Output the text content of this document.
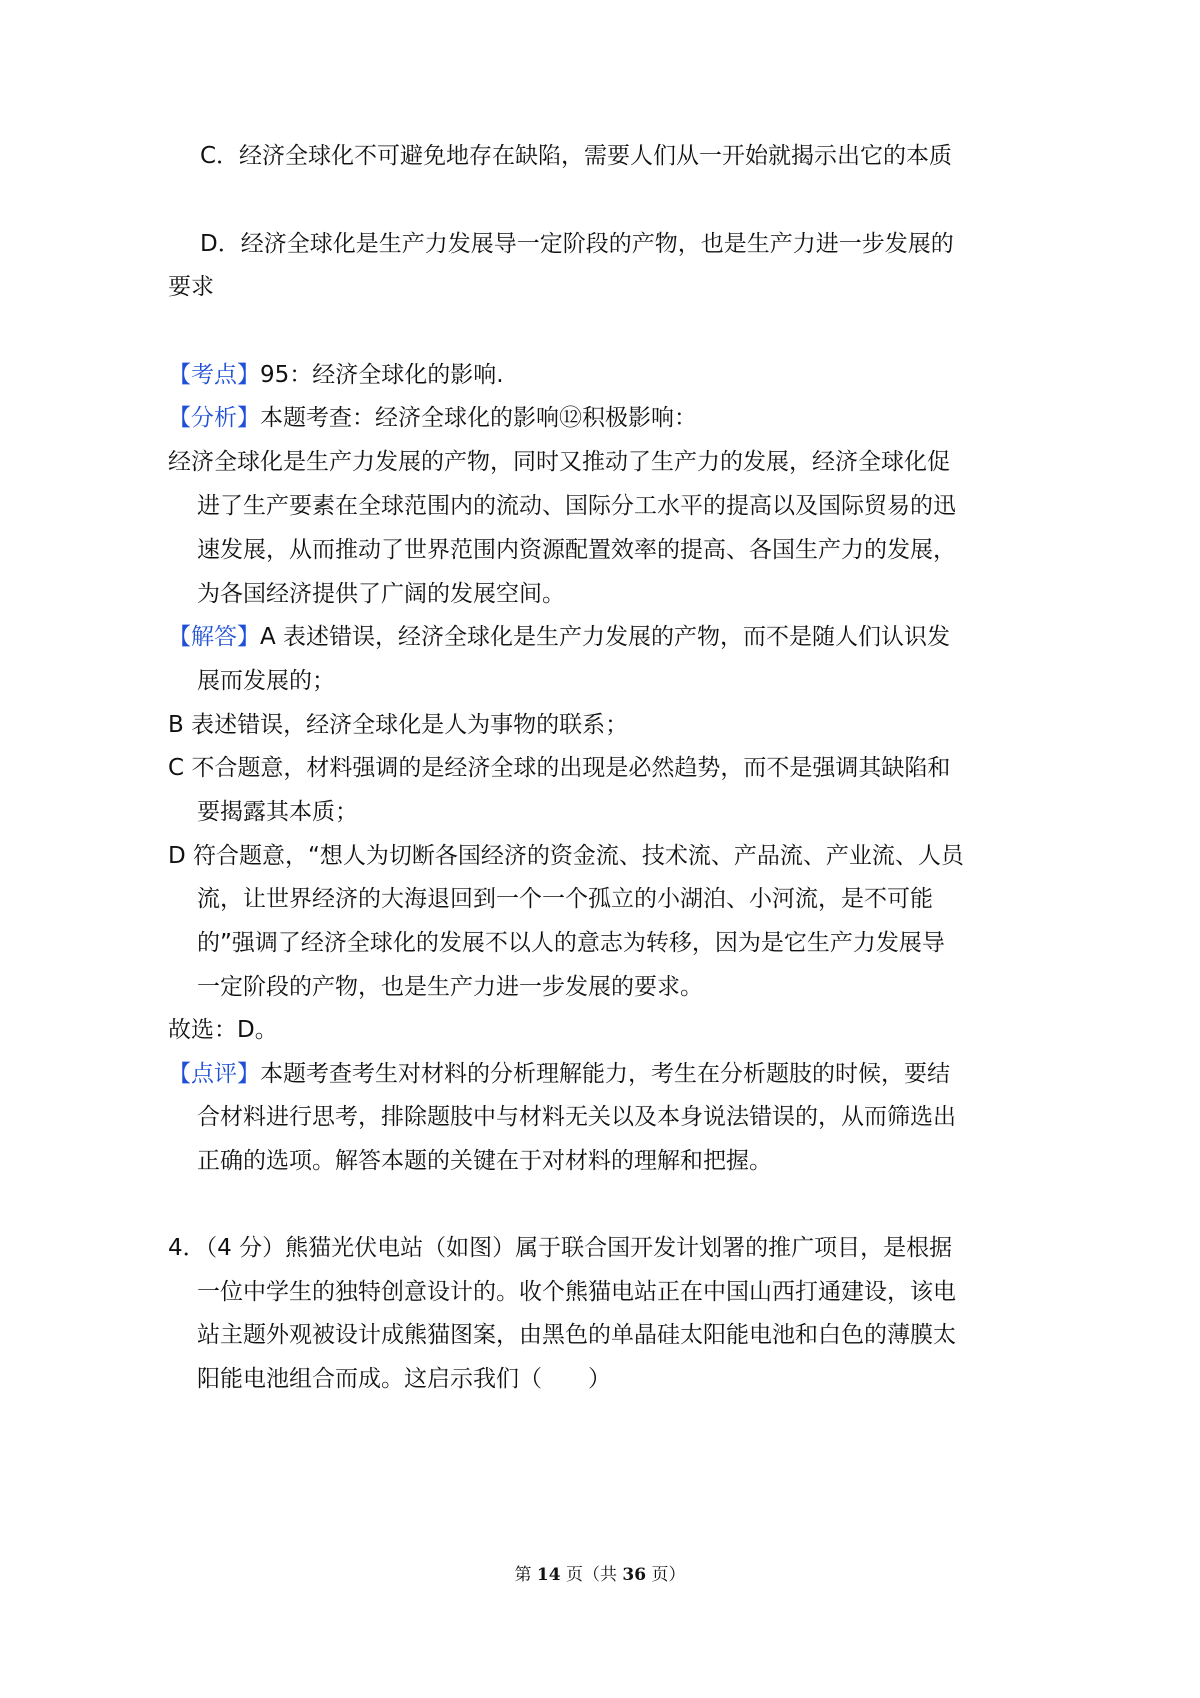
C．经济全球化不可避免地存在缺陷，需要人们从一开始就揭示出它的本质
D．经济全球化是生产力发展导一定阶段的产物，也是生产力进一步发展的
要求
【考点】95：经济全球化的影响.
【分析】本题考查：经济全球化的影响⑫积极影响：
经济全球化是生产力发展的产物，同时又推动了生产力的发展，经济全球化促
进了生产要素在全球范围内的流动、国际分工水平的提高以及国际贸易的迅
速发展，从而推动了世界范围内资源配置效率的提高、各国生产力的发展，
为各国经济提供了广阔的发展空间。
【解答】A 表述错误，经济全球化是生产力发展的产物，而不是随人们认识发
展而发展的；
B 表述错误，经济全球化是人为事物的联系；
C 不合题意，材料强调的是经济全球的出现是必然趋势，而不是强调其缺陷和
要揭露其本质；
D 符合题意，“想人为切断各国经济的资金流、技术流、产品流、产业流、人员
流，让世界经济的大海退回到一个一个孤立的小湖泊、小河流，是不可能
的”强调了经济全球化的发展不以人的意志为转移，因为是它生产力发展导
一定阶段的产物，也是生产力进一步发展的要求。
故选：D。
【点评】本题考查考生对材料的分析理解能力，考生在分析题肢的时候，要结
合材料进行思考，排除题肢中与材料无关以及本身说法错误的，从而筛选出
正确的选项。解答本题的关键在于对材料的理解和把握。
4．（4 分）熊猫光伏电站（如图）属于联合国开发计划署的推广项目，是根据
一位中学生的独特创意设计的。收个熊猫电站正在中国山西打通建设，该电
站主题外观被设计成熊猫图案，由黑色的单晶硅太阳能电池和白色的薄膜太
阳能电池组合而成。这启示我们（　　）
第 14 页（共 36 页）
